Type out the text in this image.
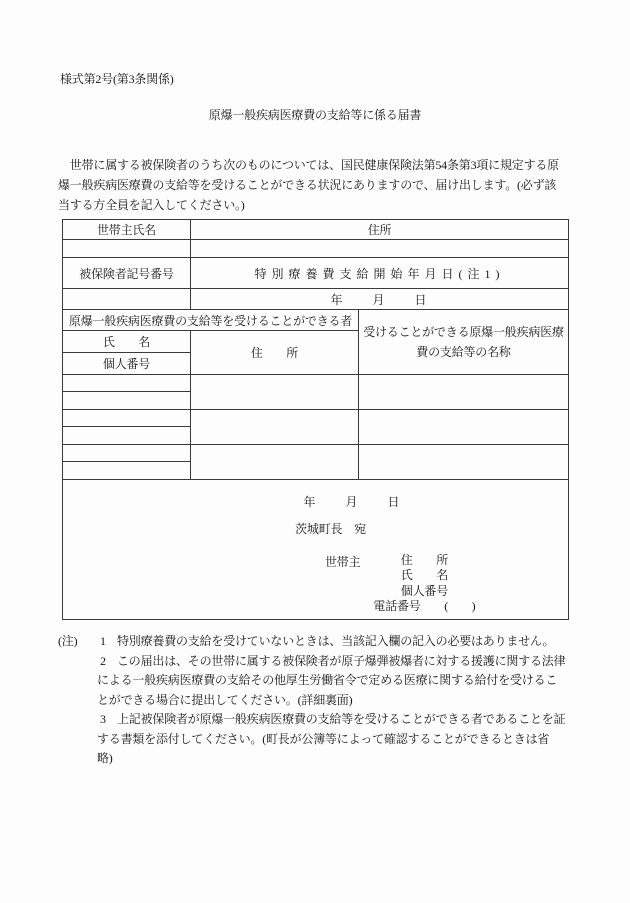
様式第2号(第3条関係)
原爆一般疾病医療費の支給等に係る届書
　世帯に属する被保険者のうち次のものについては、国民健康保険法第54条第3項に規定する原
爆一般疾病医療費の支給等を受けることができる状況にありますので、届け出します。(必ず該
当する方全員を記入してください。)
世帯主氏名	住所	

被保険者記号番号	特別療養費支給開始年月日(注1)	
	年　　月　　日	
原爆一般疾病医療費の支給等を受けることができる者		受けることができる原爆一般疾病医療費の支給等の名称
氏　　名	住　　所	
個人番号		

年　　月　　日
茨城町長　宛
世帯主	住　　所
氏　　名
個人番号
電話番号　　(　　)
(注)	1 特別療養費の支給を受けていないときは、当該記入欄の記入の必要はありません。
2 この届出は、その世帯に属する被保険者が原子爆弾被爆者に対する援護に関する法律
による一般疾病医療費の支給その他厚生労働省令で定める医療に関する給付を受けるこ
とができる場合に提出してください。(詳細裏面)
3 上記被保険者が原爆一般疾病医療費の支給等を受けることができる者であることを証
する書類を添付してください。(町長が公簿等によって確認することができるときは省
略)
